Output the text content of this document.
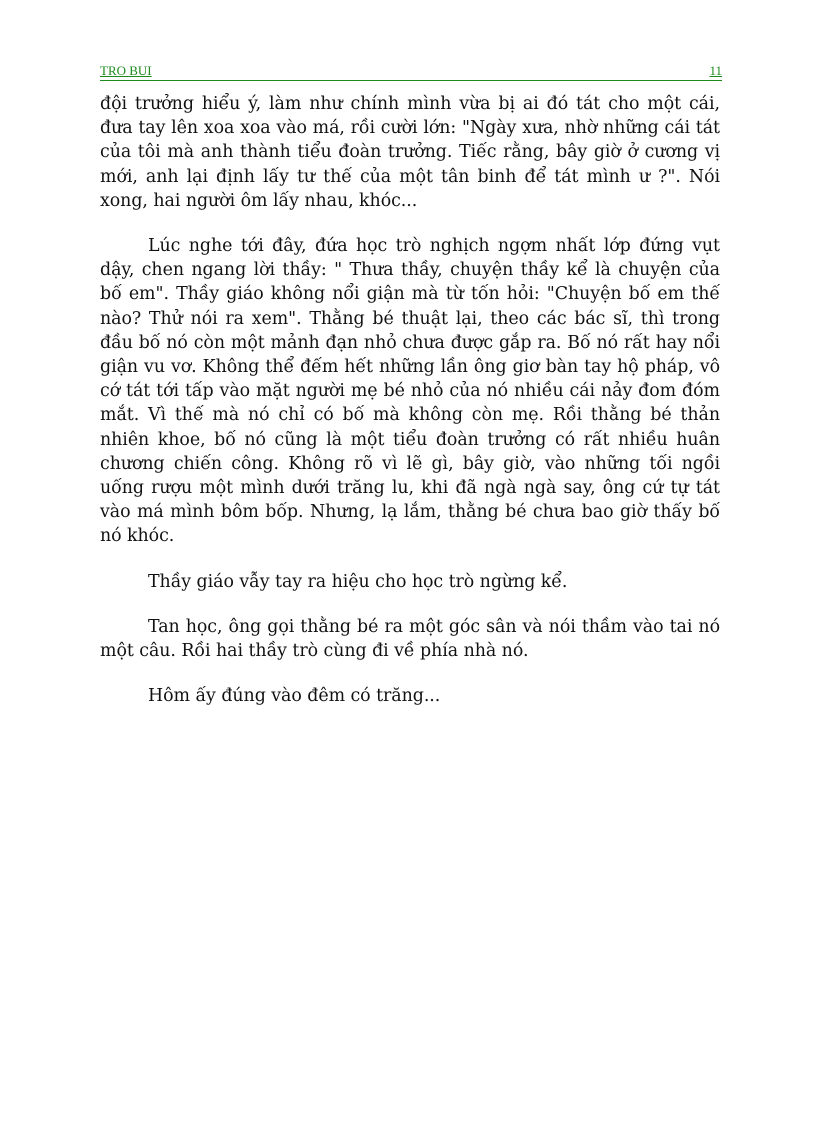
TRO BUI	11

đội trưởng hiểu ý, làm như chính mình vừa bị ai đó tát cho một cái, đưa tay lên xoa xoa vào má, rồi cười lớn: "Ngày xưa, nhờ những cái tát của tôi mà anh thành tiểu đoàn trưởng. Tiếc rằng, bây giờ ở cương vị mới, anh lại định lấy tư thế của một tân binh để tát mình ư ?". Nói xong, hai người ôm lấy nhau, khóc...

Lúc nghe tới đây, đứa học trò nghịch ngợm nhất lớp đứng vụt dậy, chen ngang lời thầy: " Thưa thầy, chuyện thầy kể là chuyện của bố em". Thầy giáo không nổi giận mà từ tốn hỏi: "Chuyện bố em thế nào? Thử nói ra xem". Thằng bé thuật lại, theo các bác sĩ, thì trong đầu bố nó còn một mảnh đạn nhỏ chưa được gắp ra. Bố nó rất hay nổi giận vu vơ. Không thể đếm hết những lần ông giơ bàn tay hộ pháp, vô cớ tát tới tấp vào mặt người mẹ bé nhỏ của nó nhiều cái nảy đom đóm mắt. Vì thế mà nó chỉ có bố mà không còn mẹ. Rồi thằng bé thản nhiên khoe, bố nó cũng là một tiểu đoàn trưởng có rất nhiều huân chương chiến công. Không rõ vì lẽ gì, bây giờ, vào những tối ngồi uống rượu một mình dưới trăng lu, khi đã ngà ngà say, ông cứ tự tát vào má mình bôm bốp. Nhưng, lạ lắm, thằng bé chưa bao giờ thấy bố nó khóc.

Thầy giáo vẫy tay ra hiệu cho học trò ngừng kể.

Tan học, ông gọi thằng bé ra một góc sân và nói thầm vào tai nó một câu. Rồi hai thầy trò cùng đi về phía nhà nó.

Hôm ấy đúng vào đêm có trăng...
